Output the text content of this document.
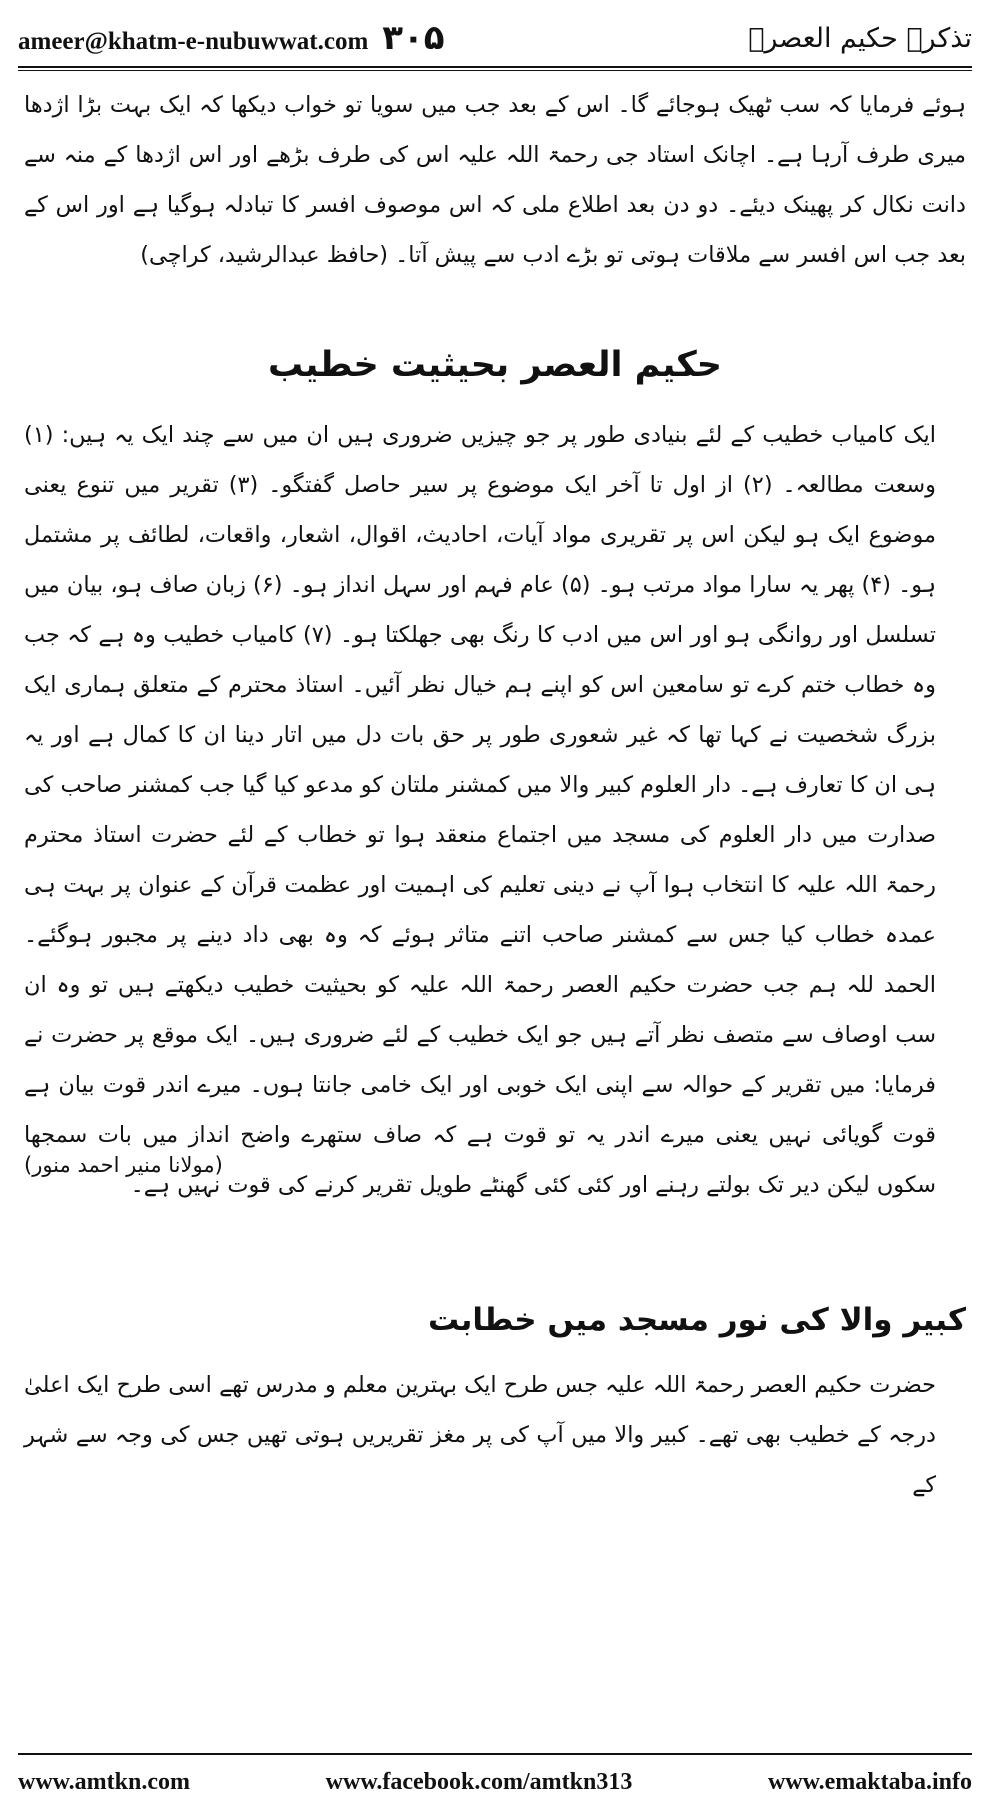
ameer@khatm-e-nubuwwat.com ۳۰۵	تذکرہ حکیم العصرؒ

ہوئے فرمایا کہ سب ٹھیک ہوجائے گا۔ اس کے بعد جب میں سویا تو خواب دیکھا کہ ایک بہت بڑا اژدھا میری طرف آرہا ہے۔ اچانک استاد جی رحمۃ اللہ علیہ اس کی طرف بڑھے اور اس اژدھا کے منہ سے دانت نکال کر پھینک دیئے۔ دو دن بعد اطلاع ملی کہ اس موصوف افسر کا تبادلہ ہوگیا ہے اور اس کے بعد جب اس افسر سے ملاقات ہوتی تو بڑے ادب سے پیش آتا۔ (حافظ عبدالرشید، کراچی)

حکیم العصر بحیثیت خطیب

ایک کامیاب خطیب کے لئے بنیادی طور پر جو چیزیں ضروری ہیں ان میں سے چند ایک یہ ہیں: (۱) وسعت مطالعہ۔ (۲) از اول تا آخر ایک موضوع پر سیر حاصل گفتگو۔ (۳) تقریر میں تنوع یعنی موضوع ایک ہو لیکن اس پر تقریری مواد آیات، احادیث، اقوال، اشعار، واقعات، لطائف پر مشتمل ہو۔ (۴) پھر یہ سارا مواد مرتب ہو۔ (۵) عام فہم اور سہل انداز ہو۔ (۶) زبان صاف ہو، بیان میں تسلسل اور روانگی ہو اور اس میں ادب کا رنگ بھی جھلکتا ہو۔ (۷) کامیاب خطیب وہ ہے کہ جب وہ خطاب ختم کرے تو سامعین اس کو اپنے ہم خیال نظر آئیں۔ استاذ محترم کے متعلق ہماری ایک بزرگ شخصیت نے کہا تھا کہ غیر شعوری طور پر حق بات دل میں اتار دینا ان کا کمال ہے اور یہ ہی ان کا تعارف ہے۔ دار العلوم کبیر والا میں کمشنر ملتان کو مدعو کیا گیا جب کمشنر صاحب کی صدارت میں دار العلوم کی مسجد میں اجتماع منعقد ہوا تو خطاب کے لئے حضرت استاذ محترم رحمۃ اللہ علیہ کا انتخاب ہوا آپ نے دینی تعلیم کی اہمیت اور عظمت قرآن کے عنوان پر بہت ہی عمدہ خطاب کیا جس سے کمشنر صاحب اتنے متاثر ہوئے کہ وہ بھی داد دینے پر مجبور ہوگئے۔ الحمد للہ ہم جب حضرت حکیم العصر رحمۃ اللہ علیہ کو بحیثیت خطیب دیکھتے ہیں تو وہ ان سب اوصاف سے متصف نظر آتے ہیں جو ایک خطیب کے لئے ضروری ہیں۔ ایک موقع پر حضرت نے فرمایا: میں تقریر کے حوالہ سے اپنی ایک خوبی اور ایک خامی جانتا ہوں۔ میرے اندر قوت بیان ہے قوت گویائی نہیں یعنی میرے اندر یہ تو قوت ہے کہ صاف ستھرے واضح انداز میں بات سمجھا سکوں لیکن دیر تک بولتے رہنے اور کئی کئی گھنٹے طویل تقریر کرنے کی قوت نہیں ہے۔

(مولانا منیر احمد منور)
کبیر والا کی نور مسجد میں خطابت

حضرت حکیم العصر رحمۃ اللہ علیہ جس طرح ایک بہترین معلم و مدرس تھے اسی طرح ایک اعلیٰ درجہ کے خطیب بھی تھے۔ کبیر والا میں آپ کی پر مغز تقریریں ہوتی تھیں جس کی وجہ سے شہر کے

www.amtkn.com	www.facebook.com/amtkn313	www.emaktaba.info
